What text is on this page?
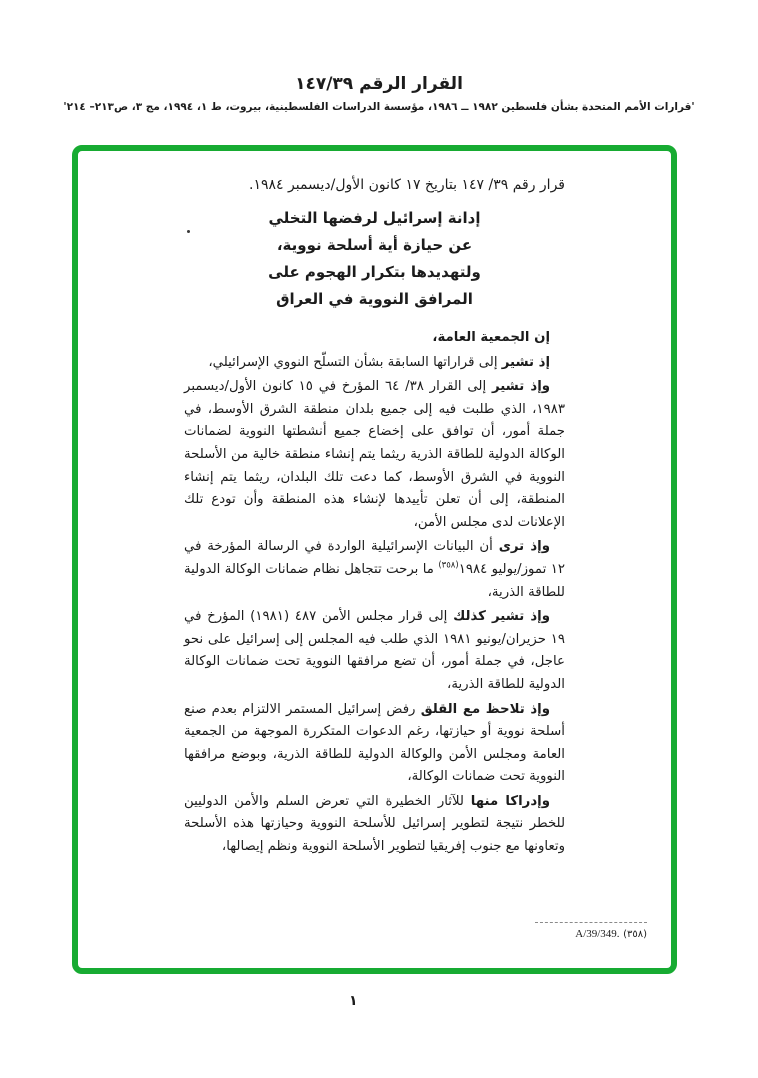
القرار الرقم ١٤٧/٣٩
'قرارات الأمم المتحدة بشأن فلسطين ١٩٨٢ ــ ١٩٨٦، مؤسسة الدراسات الفلسطينية، بيروت، ط ١، ١٩٩٤، مج ٣، ص٢١٣– ٢١٤'
قرار رقم ٣٩/ ١٤٧ بتاريخ ١٧ كانون الأول/ديسمبر ١٩٨٤.
إدانة إسرائيل لرفضها التخلي
عن حيازة أية أسلحة نووية،
ولتهديدها بتكرار الهجوم على
المرافق النووية في العراق

إن الجمعية العامة،

إذ تشير إلى قراراتها السابقة بشأن التسلّح النووي الإسرائيلي،

وإذ تشير إلى القرار ٣٨/ ٦٤ المؤرخ في ١٥ كانون الأول/ديسمبر ١٩٨٣، الذي طلبت فيه إلى جميع بلدان منطقة الشرق الأوسط، في جملة أمور، أن توافق على إخضاع جميع أنشطتها النووية لضمانات الوكالة الدولية للطاقة الذرية ريثما يتم إنشاء منطقة خالية من الأسلحة النووية في الشرق الأوسط، كما دعت تلك البلدان، ريثما يتم إنشاء المنطقة، إلى أن تعلن تأييدها لإنشاء هذه المنطقة وأن تودع تلك الإعلانات لدى مجلس الأمن،

وإذ ترى أن البيانات الإسرائيلية الواردة في الرسالة المؤرخة في ١٢ تموز/يوليو ١٩٨٤$^{(٣٥٨)}$ ما برحت تتجاهل نظام ضمانات الوكالة الدولية للطاقة الذرية،

وإذ تشير كذلك إلى قرار مجلس الأمن ٤٨٧ (١٩٨١) المؤرخ في ١٩ حزيران/يونيو ١٩٨١ الذي طلب فيه المجلس إلى إسرائيل على نحو عاجل، في جملة أمور، أن تضع مرافقها النووية تحت ضمانات الوكالة الدولية للطاقة الذرية،

وإذ تلاحظ مع القلق رفض إسرائيل المستمر الالتزام بعدم صنع أسلحة نووية أو حيازتها، رغم الدعوات المتكررة الموجهة من الجمعية العامة ومجلس الأمن والوكالة الدولية للطاقة الذرية، وبوضع مرافقها النووية تحت ضمانات الوكالة،

وإدراكا منها للآثار الخطيرة التي تعرض السلم والأمن الدوليين للخطر نتيجة لتطوير إسرائيل للأسلحة النووية وحيازتها هذه الأسلحة وتعاونها مع جنوب إفريقيا لتطوير الأسلحة النووية ونظم إيصالها،

A/39/349. (٣٥٨)
١
